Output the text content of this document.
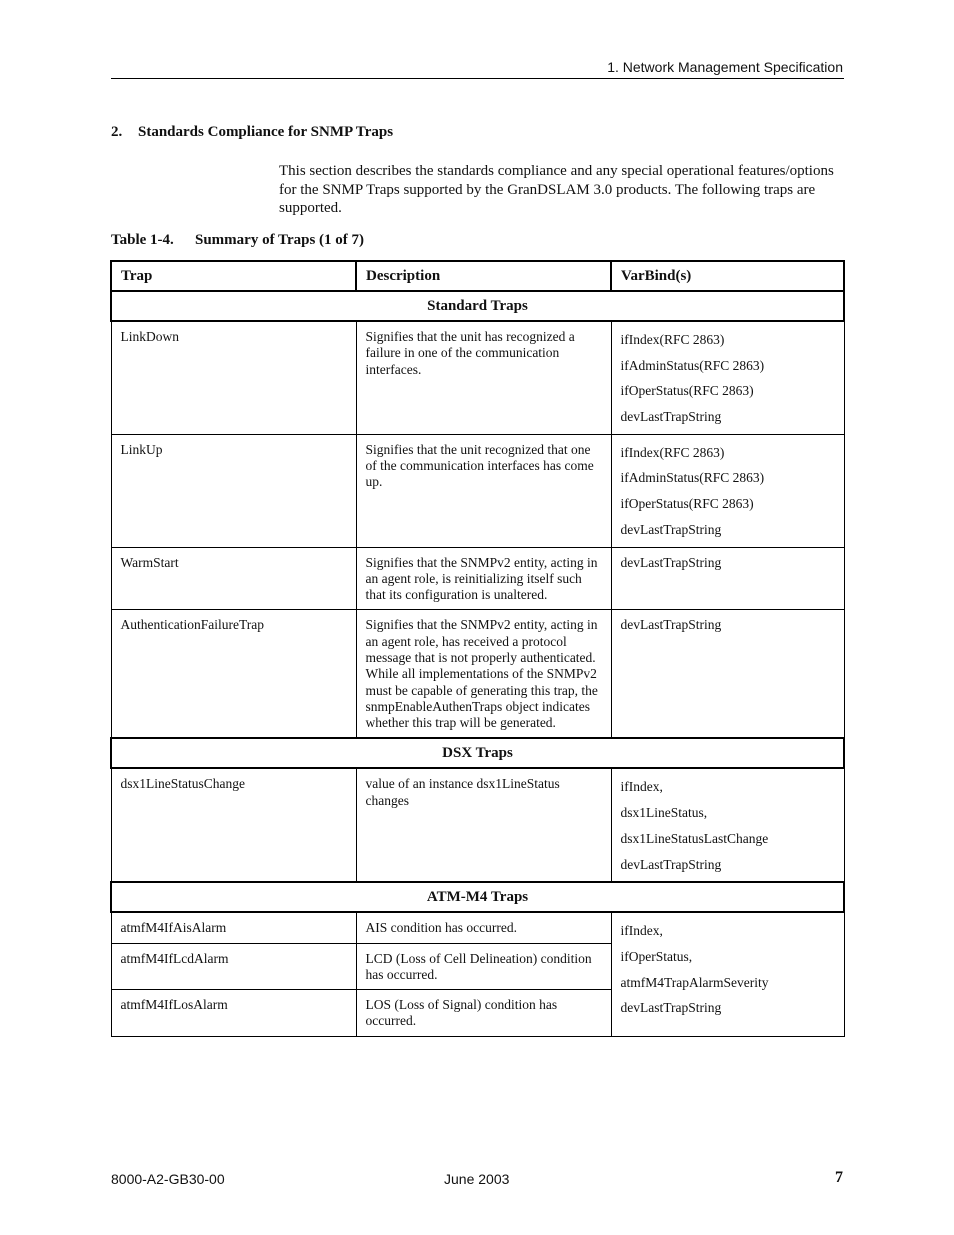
1. Network Management Specification
2. Standards Compliance for SNMP Traps

This section describes the standards compliance and any special operational features/options for the SNMP Traps supported by the GranDSLAM 3.0 products. The following traps are supported.

Table 1-4. Summary of Traps (1 of 7)
Trap	Description	VarBind(s)
Standard Traps		
LinkDown	Signifies that the unit has recognized a failure in one of the communication interfaces.	ifIndex(RFC 2863)
ifAdminStatus(RFC 2863)
ifOperStatus(RFC 2863)
devLastTrapString

LinkUp	Signifies that the unit recognized that one of the communication interfaces has come up.	ifIndex(RFC 2863)
ifAdminStatus(RFC 2863)
ifOperStatus(RFC 2863)
devLastTrapString

WarmStart	Signifies that the SNMPv2 entity, acting in an agent role, is reinitializing itself such that its configuration is unaltered.	devLastTrapString

AuthenticationFailureTrap	Signifies that the SNMPv2 entity, acting in an agent role, has received a protocol message that is not properly authenticated. While all implementations of the SNMPv2 must be capable of generating this trap, the snmpEnableAuthenTraps object indicates whether this trap will be generated.	devLastTrapString

DSX Traps		
dsx1LineStatusChange	value of an instance dsx1LineStatus changes	ifIndex,
dsx1LineStatus,
dsx1LineStatusLastChange
devLastTrapString

ATM-M4 Traps		
atmfM4IfAisAlarm	AIS condition has occurred.	ifIndex,
ifOperStatus,
atmfM4TrapAlarmSeverity
devLastTrapString

atmfM4IfLcdAlarm	LCD (Loss of Cell Delineation) condition has occurred.	
atmfM4IfLosAlarm	LOS (Loss of Signal) condition has occurred.	
8000-A2-GB30-00	June 2003	7
